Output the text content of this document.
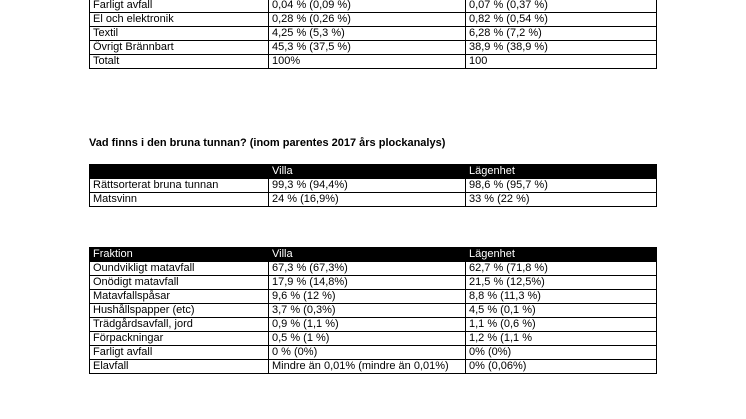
Farligt avfall	0,04 % (0,09 %)	0,07 % (0,37 %)
El och elektronik	0,28 % (0,26 %)	0,82 % (0,54 %)
Textil	4,25 % (5,3 %)	6,28 % (7,2 %)
Övrigt Brännbart	45,3 % (37,5 %)	38,9 % (38,9 %)
Totalt	100%	100

Vad finns i den bruna tunnan? (inom parentes 2017 års plockanalys)

	Villa	Lägenhet
Rättsorterat bruna tunnan	99,3 % (94,4%)	98,6 % (95,7 %)
Matsvinn	24 % (16,9%)	33 % (22 %)
Fraktion	Villa	Lägenhet
Oundvikligt matavfall	67,3 % (67,3%)	62,7 % (71,8 %)
Onödigt matavfall	17,9 % (14,8%)	21,5 % (12,5%)
Matavfallspåsar	9,6 % (12 %)	8,8 % (11,3 %)
Hushållspapper (etc)	3,7 % (0,3%)	4,5 % (0,1 %)
Trädgårdsavfall, jord	0,9 % (1,1 %)	1,1 % (0,6 %)
Förpackningar	0,5 % (1 %)	1,2 % (1,1 %
Farligt avfall	0 % (0%)	0% (0%)
Elavfall	Mindre än 0,01% (mindre än 0,01%)	0% (0,06%)
